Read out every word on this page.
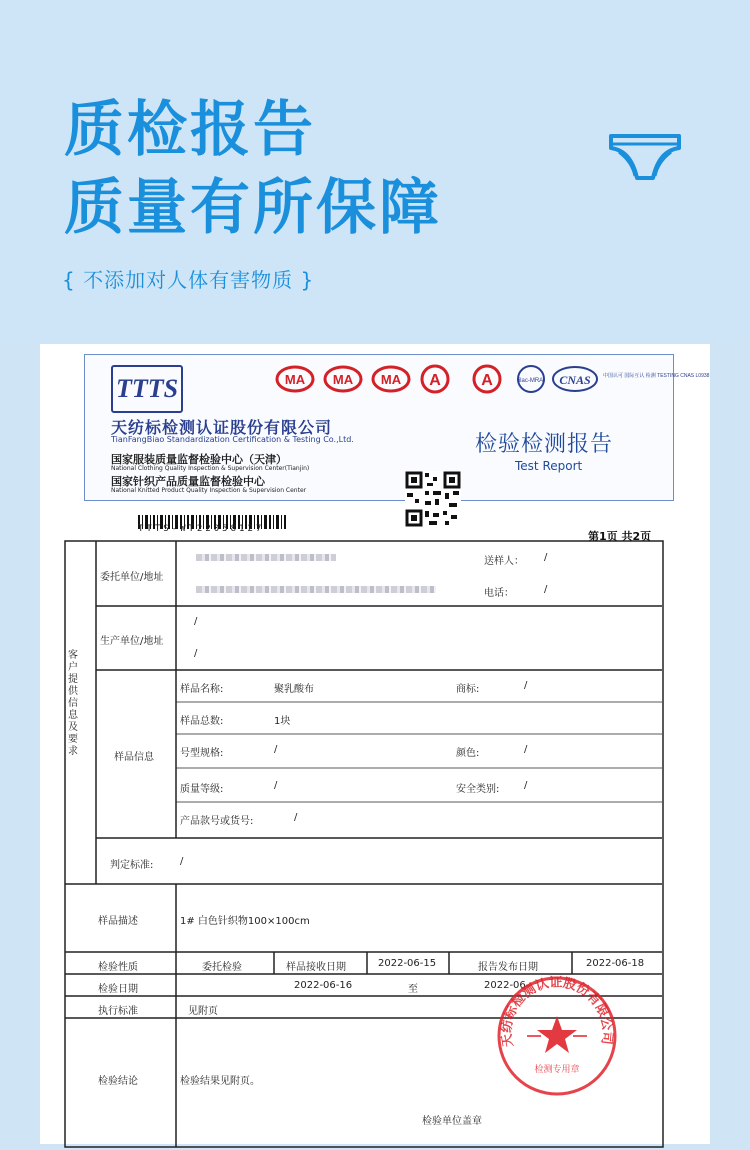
质检报告
质量有所保障
{ 不添加对人体有害物质 }
TTTS
天纺标检测认证股份有限公司
TianFangBiao Standardization Certification & Testing Co.,Ltd.
国家服装质量监督检验中心（天津）
National Clothing Quality Inspection & Supervision Center(Tianjin)
国家针织产品质量监督检验中心
National Knitted Product Quality Inspection & Supervision Center
MA MA MA A	A	ilac-MRA CNAS 中国认可 国际互认 检测 TESTING CNAS L0938
检验检测报告
Test Report
TTTS-WT22058127
第1页 共2页
客户提供信息及要求
委托单位/地址
送样人： /
电话：	/
生产单位/地址
/
/
样品信息
样品名称:	聚乳酸布	商标:	/
样品总数:	1块
号型规格:	/	颜色:	/
质量等级:	/	安全类别: /
产品款号或货号:	/
判定标准:	/
样品描述	1# 白色针织物100×100cm
检验性质	委托检验	样品接收日期	2022-06-15	报告发布日期	2022-06-18
检验日期	2022-06-16	至	2022-06-
执行标准	见附页
检验结论	检验结果见附页。
检验单位盖章
天纺标检测认证股份有限公司
检测专用章
